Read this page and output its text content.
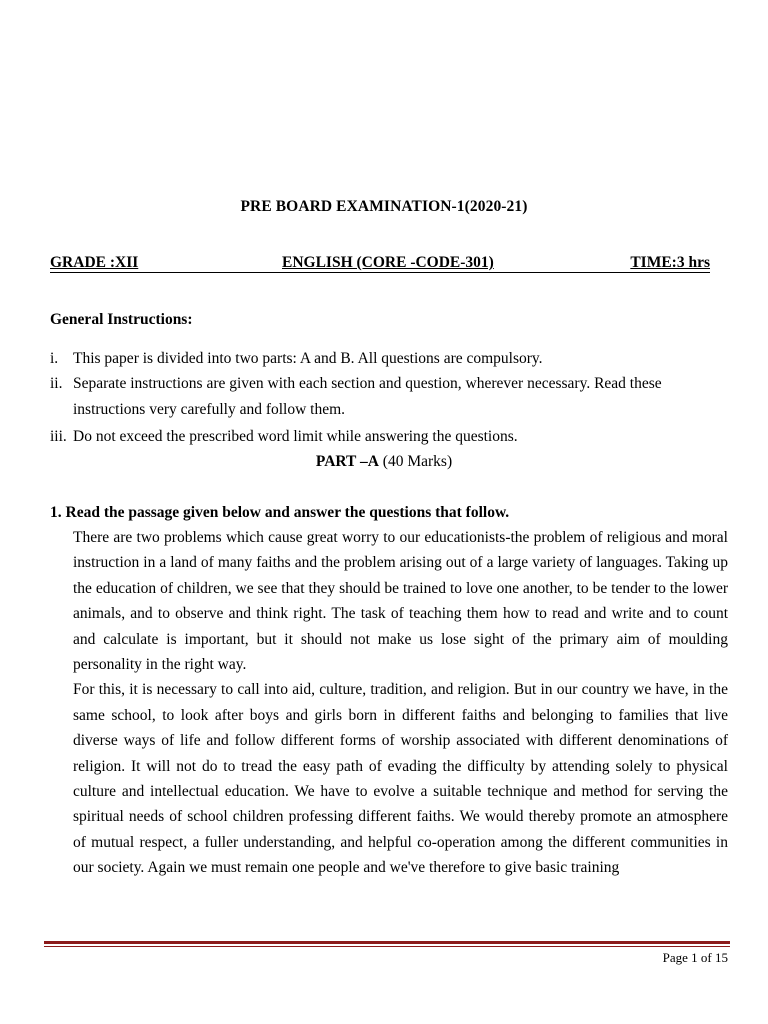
PRE BOARD EXAMINATION-1(2020-21)
GRADE :XII	ENGLISH (CORE -CODE-301)	TIME:3 hrs
General Instructions:
i. This paper is divided into two parts: A and B. All questions are compulsory.
ii. Separate instructions are given with each section and question, wherever necessary. Read these instructions very carefully and follow them.
iii. Do not exceed the prescribed word limit while answering the questions.
PART –A (40 Marks)
1. Read the passage given below and answer the questions that follow.

There are two problems which cause great worry to our educationists-the problem of religious and moral instruction in a land of many faiths and the problem arising out of a large variety of languages. Taking up the education of children, we see that they should be trained to love one another, to be tender to the lower animals, and to observe and think right. The task of teaching them how to read and write and to count and calculate is important, but it should not make us lose sight of the primary aim of moulding personality in the right way.

For this, it is necessary to call into aid, culture, tradition, and religion. But in our country we have, in the same school, to look after boys and girls born in different faiths and belonging to families that live diverse ways of life and follow different forms of worship associated with different denominations of religion. It will not do to tread the easy path of evading the difficulty by attending solely to physical culture and intellectual education. We have to evolve a suitable technique and method for serving the spiritual needs of school children professing different faiths. We would thereby promote an atmosphere of mutual respect, a fuller understanding, and helpful co-operation among the different communities in our society. Again we must remain one people and we've therefore to give basic training

Page 1 of 15
